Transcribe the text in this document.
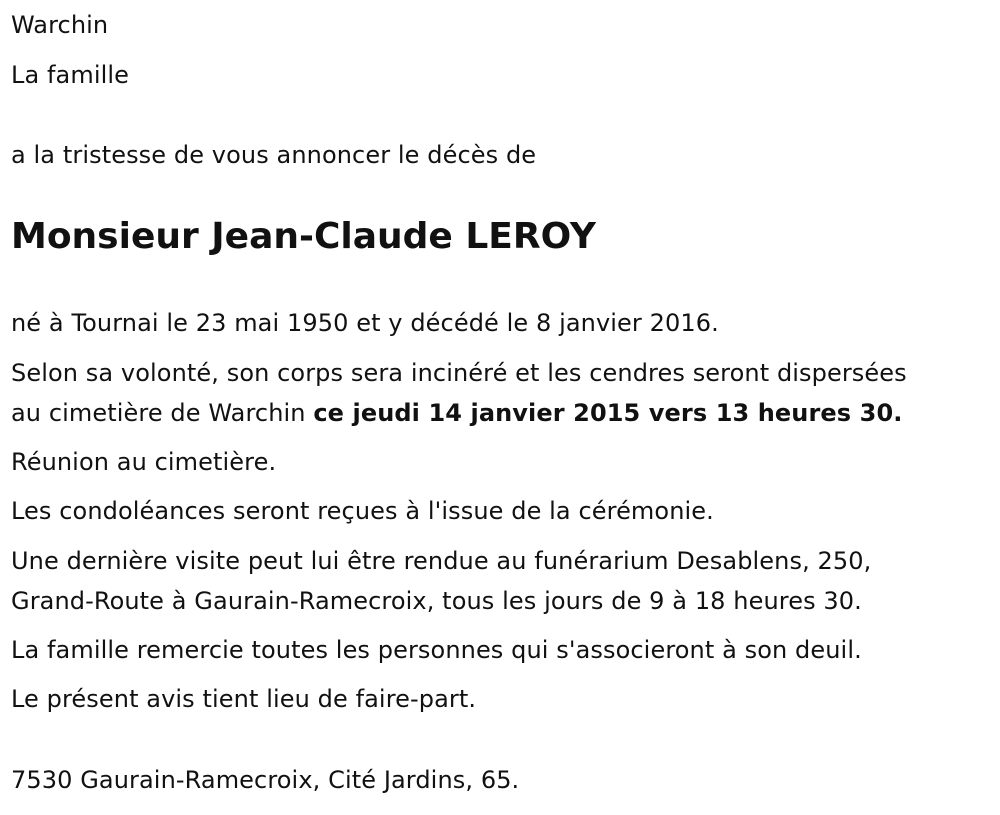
Warchin
La famille
a la tristesse de vous annoncer le décès de
Monsieur Jean-Claude LEROY
né à Tournai le 23 mai 1950 et y décédé le 8 janvier 2016.
Selon sa volonté, son corps sera incinéré et les cendres seront dispersées
au cimetière de Warchin ce jeudi 14 janvier 2015 vers 13 heures 30.
Réunion au cimetière.
Les condoléances seront reçues à l'issue de la cérémonie.
Une dernière visite peut lui être rendue au funérarium Desablens, 250,
Grand-Route à Gaurain-Ramecroix, tous les jours de 9 à 18 heures 30.
La famille remercie toutes les personnes qui s'associeront à son deuil.
Le présent avis tient lieu de faire-part.
7530 Gaurain-Ramecroix, Cité Jardins, 65.
